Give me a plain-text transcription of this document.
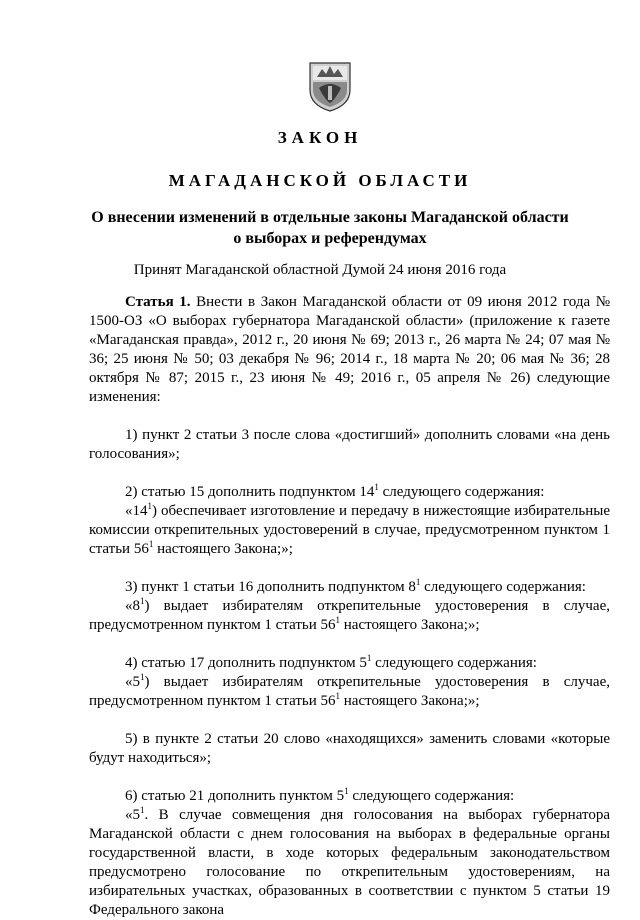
ЗАКОН
МАГАДАНСКОЙ ОБЛАСТИ
О внесении изменений в отдельные законы Магаданской области
о выборах и референдумах
Принят Магаданской областной Думой 24 июня 2016 года

Статья 1. Внести в Закон Магаданской области от 09 июня 2012 года № 1500-ОЗ «О выборах губернатора Магаданской области» (приложение к газете «Магаданская правда», 2012 г., 20 июня № 69; 2013 г., 26 марта № 24; 07 мая № 36; 25 июня № 50; 03 декабря № 96; 2014 г., 18 марта № 20; 06 мая № 36; 28 октября № 87; 2015 г., 23 июня № 49; 2016 г., 05 апреля № 26) следующие изменения:

1) пункт 2 статьи 3 после слова «достигший» дополнить словами «на день голосования»;

2) статью 15 дополнить подпунктом $14^1$ следующего содержания:

«$14^1$) обеспечивает изготовление и передачу в нижестоящие избирательные комиссии открепительных удостоверений в случае, предусмотренном пунктом 1 статьи $56^1$ настоящего Закона;»;

3) пункт 1 статьи 16 дополнить подпунктом $8^1$ следующего содержания:

«$8^1$) выдает избирателям открепительные удостоверения в случае, предусмотренном пунктом 1 статьи $56^1$ настоящего Закона;»;

4) статью 17 дополнить подпунктом $5^1$ следующего содержания:

«$5^1$) выдает избирателям открепительные удостоверения в случае, предусмотренном пунктом 1 статьи $56^1$ настоящего Закона;»;

5) в пункте 2 статьи 20 слово «находящихся» заменить словами «которые будут находиться»;

6) статью 21 дополнить пунктом $5^1$ следующего содержания:

«$5^1$. В случае совмещения дня голосования на выборах губернатора Магаданской области с днем голосования на выборах в федеральные органы государственной власти, в ходе которых федеральным законодательством предусмотрено голосование по открепительным удостоверениям, на избирательных участках, образованных в соответствии с пунктом 5 статьи 19 Федерального закона
